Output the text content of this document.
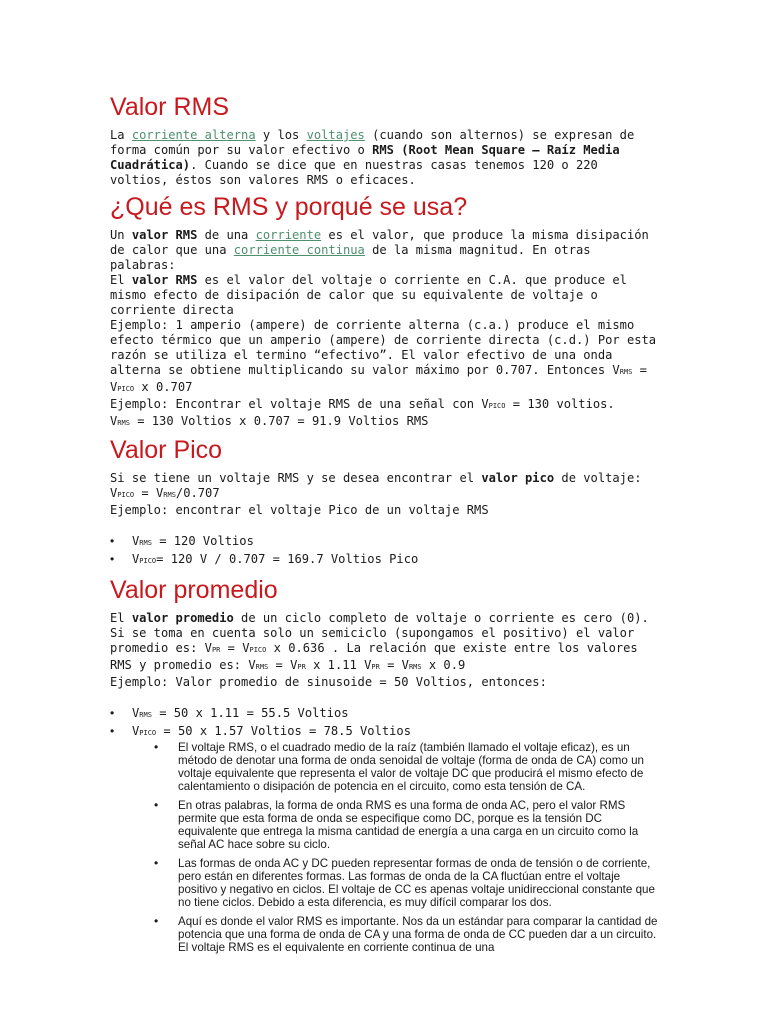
Valor RMS

La corriente alterna y los voltajes (cuando son alternos) se expresan de forma común por su valor efectivo o RMS (Root Mean Square – Raíz Media Cuadrática). Cuando se dice que en nuestras casas tenemos 120 o 220 voltios, éstos son valores RMS o eficaces.

¿Qué es RMS y porqué se usa?

Un valor RMS de una corriente es el valor, que produce la misma disipación de calor que una corriente continua de la misma magnitud. En otras palabras:

El valor RMS es el valor del voltaje o corriente en C.A. que produce el mismo efecto de disipación de calor que su equivalente de voltaje o corriente directa

Ejemplo: 1 amperio (ampere) de corriente alterna (c.a.) produce el mismo efecto térmico que un amperio (ampere) de corriente directa (c.d.) Por esta razón se utiliza el termino “efectivo”. El valor efectivo de una onda alterna se obtiene multiplicando su valor máximo por 0.707. Entonces VRMS = VPICO x 0.707

Ejemplo: Encontrar el voltaje RMS de una señal con VPICO = 130 voltios.

VRMS = 130 Voltios x 0.707 = 91.9 Voltios RMS

Valor Pico

Si se tiene un voltaje RMS y se desea encontrar el valor pico de voltaje: VPICO = VRMS/0.707

Ejemplo: encontrar el voltaje Pico de un voltaje RMS

• VRMS = 120 Voltios
• VPICO= 120 V / 0.707 = 169.7 Voltios Pico
Valor promedio

El valor promedio de un ciclo completo de voltaje o corriente es cero (0). Si se toma en cuenta solo un semiciclo (supongamos el positivo) el valor promedio es: VPR = VPICO x 0.636 . La relación que existe entre los valores RMS y promedio es: VRMS = VPR x 1.11 VPR = VRMS x 0.9

Ejemplo: Valor promedio de sinusoide = 50 Voltios, entonces:

• VRMS = 50 x 1.11 = 55.5 Voltios
• VPICO = 50 x 1.57 Voltios = 78.5 Voltios
• El voltaje RMS, o el cuadrado medio de la raíz (también llamado el voltaje eficaz), es un método de denotar una forma de onda senoidal de voltaje (forma de onda de CA) como un voltaje equivalente que representa el valor de voltaje DC que producirá el mismo efecto de calentamiento o disipación de potencia en el circuito, como esta tensión de CA.
• En otras palabras, la forma de onda RMS es una forma de onda AC, pero el valor RMS permite que esta forma de onda se especifique como DC, porque es la tensión DC equivalente que entrega la misma cantidad de energía a una carga en un circuito como la señal AC hace sobre su ciclo.
• Las formas de onda AC y DC pueden representar formas de onda de tensión o de corriente, pero están en diferentes formas. Las formas de onda de la CA fluctúan entre el voltaje positivo y negativo en ciclos. El voltaje de CC es apenas voltaje unidireccional constante que no tiene ciclos. Debido a esta diferencia, es muy difícil comparar los dos.
• Aquí es donde el valor RMS es importante. Nos da un estándar para comparar la cantidad de potencia que una forma de onda de CA y una forma de onda de CC pueden dar a un circuito. El voltaje RMS es el equivalente en corriente continua de una
